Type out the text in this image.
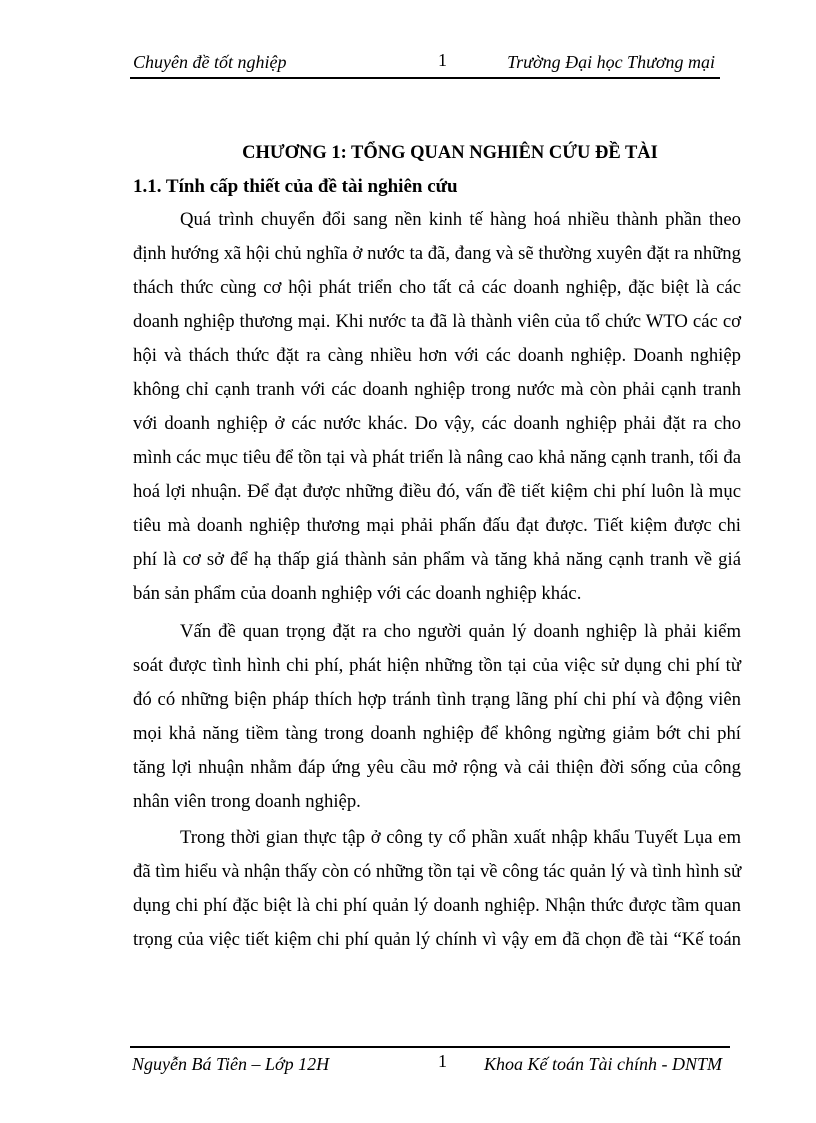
Chuyên đề tốt nghiệp	1	Trường Đại học Thương mại
CHƯƠNG 1: TỔNG QUAN NGHIÊN CỨU ĐỀ TÀI
1.1. Tính cấp thiết của đề tài nghiên cứu
Quá trình chuyển đổi sang nền kinh tế hàng hoá nhiều thành phần theo
định hướng xã hội chủ nghĩa ở nước ta đã, đang và sẽ thường xuyên đặt ra những
thách thức cùng cơ hội phát triển cho tất cả các doanh nghiệp, đặc biệt là các
doanh nghiệp thương mại. Khi nước ta đã là thành viên của tổ chức WTO các cơ
hội và thách thức đặt ra càng nhiều hơn với các doanh nghiệp. Doanh nghiệp
không chỉ cạnh tranh với các doanh nghiệp trong nước mà còn phải cạnh tranh
với doanh nghiệp ở các nước khác. Do vậy, các doanh nghiệp phải đặt ra cho
mình các mục tiêu để tồn tại và phát triển là nâng cao khả năng cạnh tranh, tối đa
hoá lợi nhuận. Để đạt được những điều đó, vấn đề tiết kiệm chi phí luôn là mục
tiêu mà doanh nghiệp thương mại phải phấn đấu đạt được. Tiết kiệm được chi
phí là cơ sở để hạ thấp giá thành sản phẩm và tăng khả năng cạnh tranh về giá
bán sản phẩm của doanh nghiệp với các doanh nghiệp khác.
Vấn đề quan trọng đặt ra cho người quản lý doanh nghiệp là phải kiểm
soát được tình hình chi phí, phát hiện những tồn tại của việc sử dụng chi phí từ
đó có những biện pháp thích hợp tránh tình trạng lãng phí chi phí và động viên
mọi khả năng tiềm tàng trong doanh nghiệp để không ngừng giảm bớt chi phí
tăng lợi nhuận nhằm đáp ứng yêu cầu mở rộng và cải thiện đời sống của công
nhân viên trong doanh nghiệp.
Trong thời gian thực tập ở công ty cổ phần xuất nhập khẩu Tuyết Lụa em
đã tìm hiểu và nhận thấy còn có những tồn tại về công tác quản lý và tình hình sử
dụng chi phí đặc biệt là chi phí quản lý doanh nghiệp. Nhận thức được tầm quan
trọng của việc tiết kiệm chi phí quản lý chính vì vậy em đã chọn đề tài “Kế toán
Nguyễn Bá Tiên – Lớp 12H	1 Khoa Kế toán Tài chính - DNTM
